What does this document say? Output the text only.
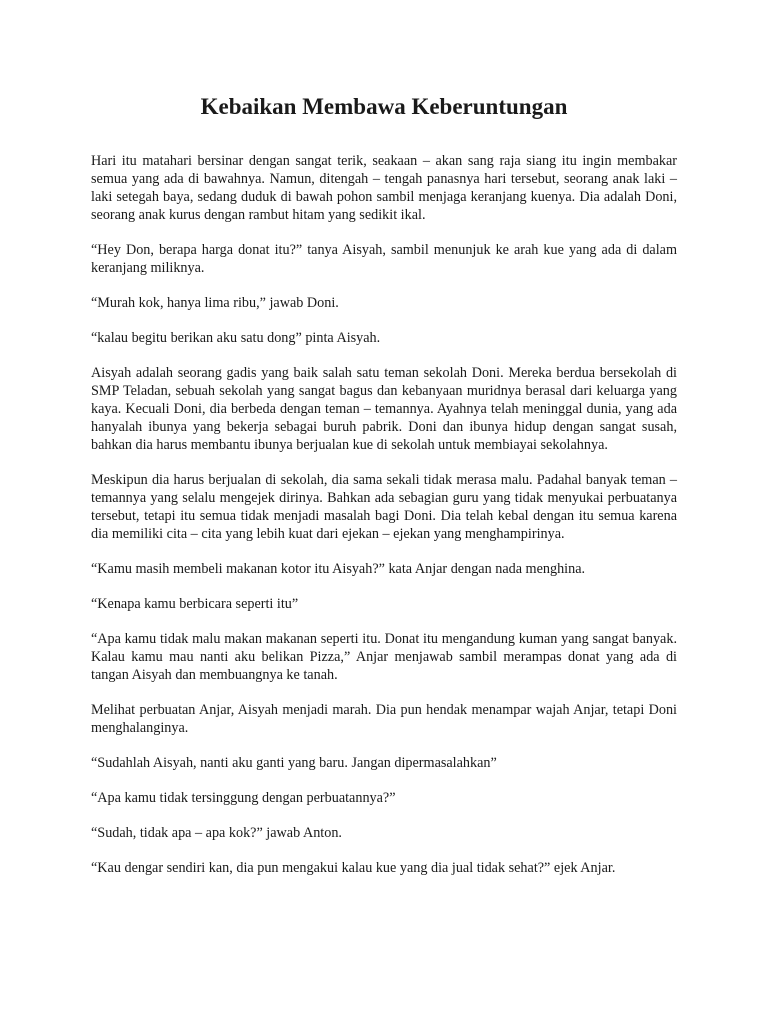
Kebaikan Membawa Keberuntungan

Hari itu matahari bersinar dengan sangat terik, seakaan – akan sang raja siang itu ingin membakar semua yang ada di bawahnya. Namun, ditengah – tengah panasnya hari tersebut, seorang anak laki – laki setegah baya, sedang duduk di bawah pohon sambil menjaga keranjang kuenya. Dia adalah Doni, seorang anak kurus dengan rambut hitam yang sedikit ikal.

“Hey Don, berapa harga donat itu?” tanya Aisyah, sambil menunjuk ke arah kue yang ada di dalam keranjang miliknya.

“Murah kok, hanya lima ribu,” jawab Doni.

“kalau begitu berikan aku satu dong” pinta Aisyah.

Aisyah adalah seorang gadis yang baik salah satu teman sekolah Doni. Mereka berdua bersekolah di SMP Teladan, sebuah sekolah yang sangat bagus dan kebanyaan muridnya berasal dari keluarga yang kaya. Kecuali Doni, dia berbeda dengan teman – temannya. Ayahnya telah meninggal dunia, yang ada hanyalah ibunya yang bekerja sebagai buruh pabrik. Doni dan ibunya hidup dengan sangat susah, bahkan dia harus membantu ibunya berjualan kue di sekolah untuk membiayai sekolahnya.

Meskipun dia harus berjualan di sekolah, dia sama sekali tidak merasa malu. Padahal banyak teman – temannya yang selalu mengejek dirinya. Bahkan ada sebagian guru yang tidak menyukai perbuatanya tersebut, tetapi itu semua tidak menjadi masalah bagi Doni. Dia telah kebal dengan itu semua karena dia memiliki cita – cita yang lebih kuat dari ejekan – ejekan yang menghampirinya.

“Kamu masih membeli makanan kotor itu Aisyah?” kata Anjar dengan nada menghina.

“Kenapa kamu berbicara seperti itu”

“Apa kamu tidak malu makan makanan seperti itu. Donat itu mengandung kuman yang sangat banyak. Kalau kamu mau nanti aku belikan Pizza,” Anjar menjawab sambil merampas donat yang ada di tangan Aisyah dan membuangnya ke tanah.

Melihat perbuatan Anjar, Aisyah menjadi marah. Dia pun hendak menampar wajah Anjar, tetapi Doni menghalanginya.

“Sudahlah Aisyah, nanti aku ganti yang baru. Jangan dipermasalahkan”

“Apa kamu tidak tersinggung dengan perbuatannya?”

“Sudah, tidak apa – apa kok?” jawab Anton.

“Kau dengar sendiri kan, dia pun mengakui kalau kue yang dia jual tidak sehat?” ejek Anjar.
